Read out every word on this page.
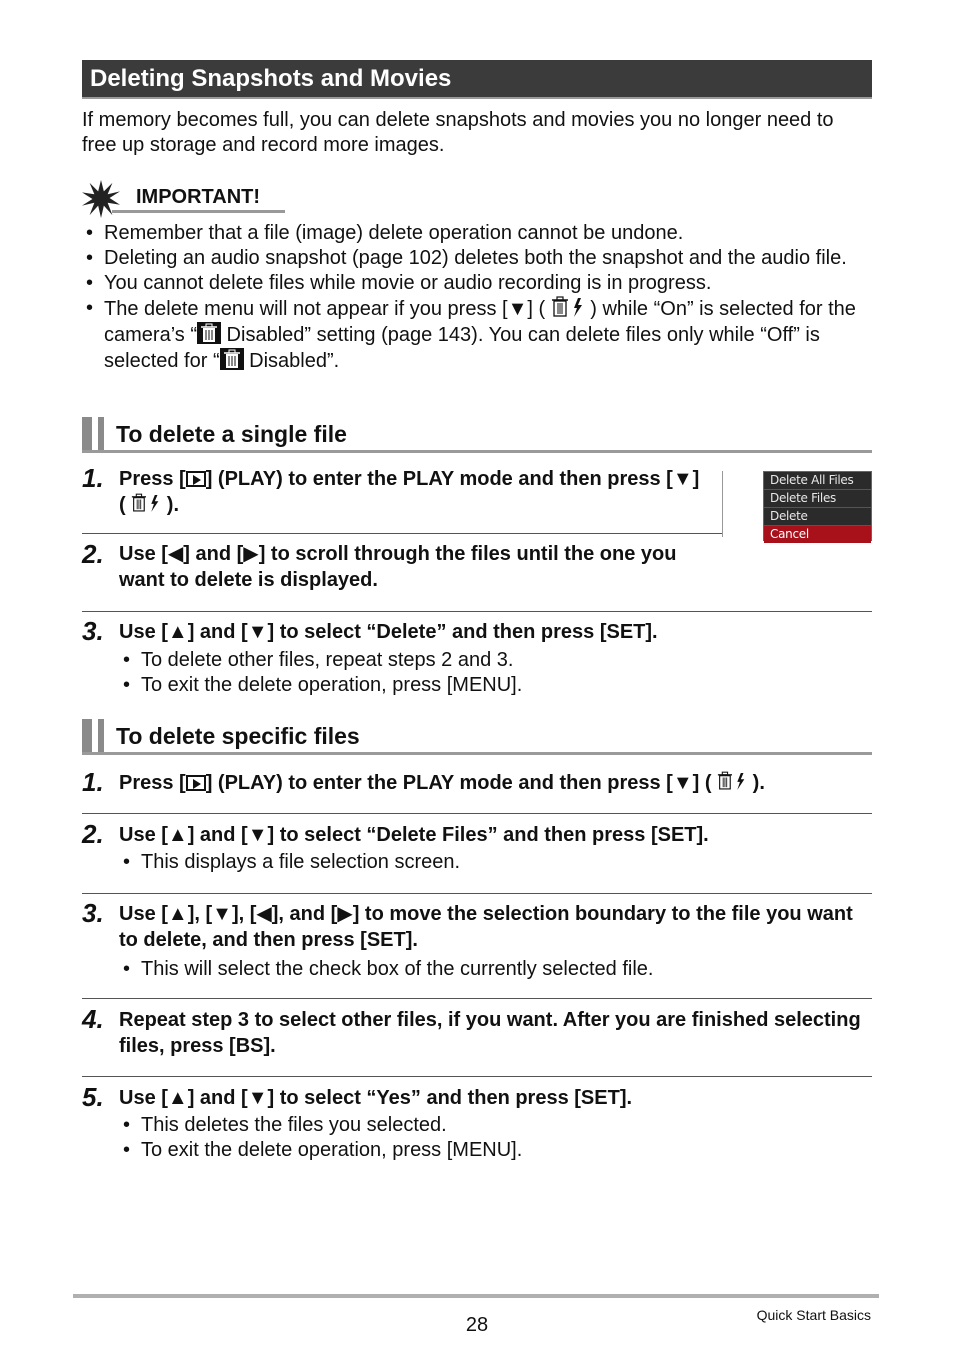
Deleting Snapshots and Movies
If memory becomes full, you can delete snapshots and movies you no longer need to free up storage and record more images.
IMPORTANT!
• Remember that a file (image) delete operation cannot be undone.
• Deleting an audio snapshot (page 102) deletes both the snapshot and the audio file.
• You cannot delete files while movie or audio recording is in progress.
• The delete menu will not appear if you press [▼] ( ) while “On” is selected for the camera’s “ Disabled” setting (page 143). You can delete files only while “Off” is selected for “ Disabled”.
To delete a single file
1. Press [ ] (PLAY) to enter the PLAY mode and then press [▼] ( ).
Delete All Files
Delete Files
Delete
Cancel
2. Use [◀] and [▶] to scroll through the files until the one you want to delete is displayed.
3. Use [▲] and [▼] to select “Delete” and then press [SET].
• To delete other files, repeat steps 2 and 3.
• To exit the delete operation, press [MENU].
To delete specific files
1. Press [ ] (PLAY) to enter the PLAY mode and then press [▼] ( ).
2. Use [▲] and [▼] to select “Delete Files” and then press [SET].
• This displays a file selection screen.
3. Use [▲], [▼], [◀], and [▶] to move the selection boundary to the file you want to delete, and then press [SET].
• This will select the check box of the currently selected file.
4. Repeat step 3 to select other files, if you want. After you are finished selecting files, press [BS].
5. Use [▲] and [▼] to select “Yes” and then press [SET].
• This deletes the files you selected.
• To exit the delete operation, press [MENU].
28	Quick Start Basics
